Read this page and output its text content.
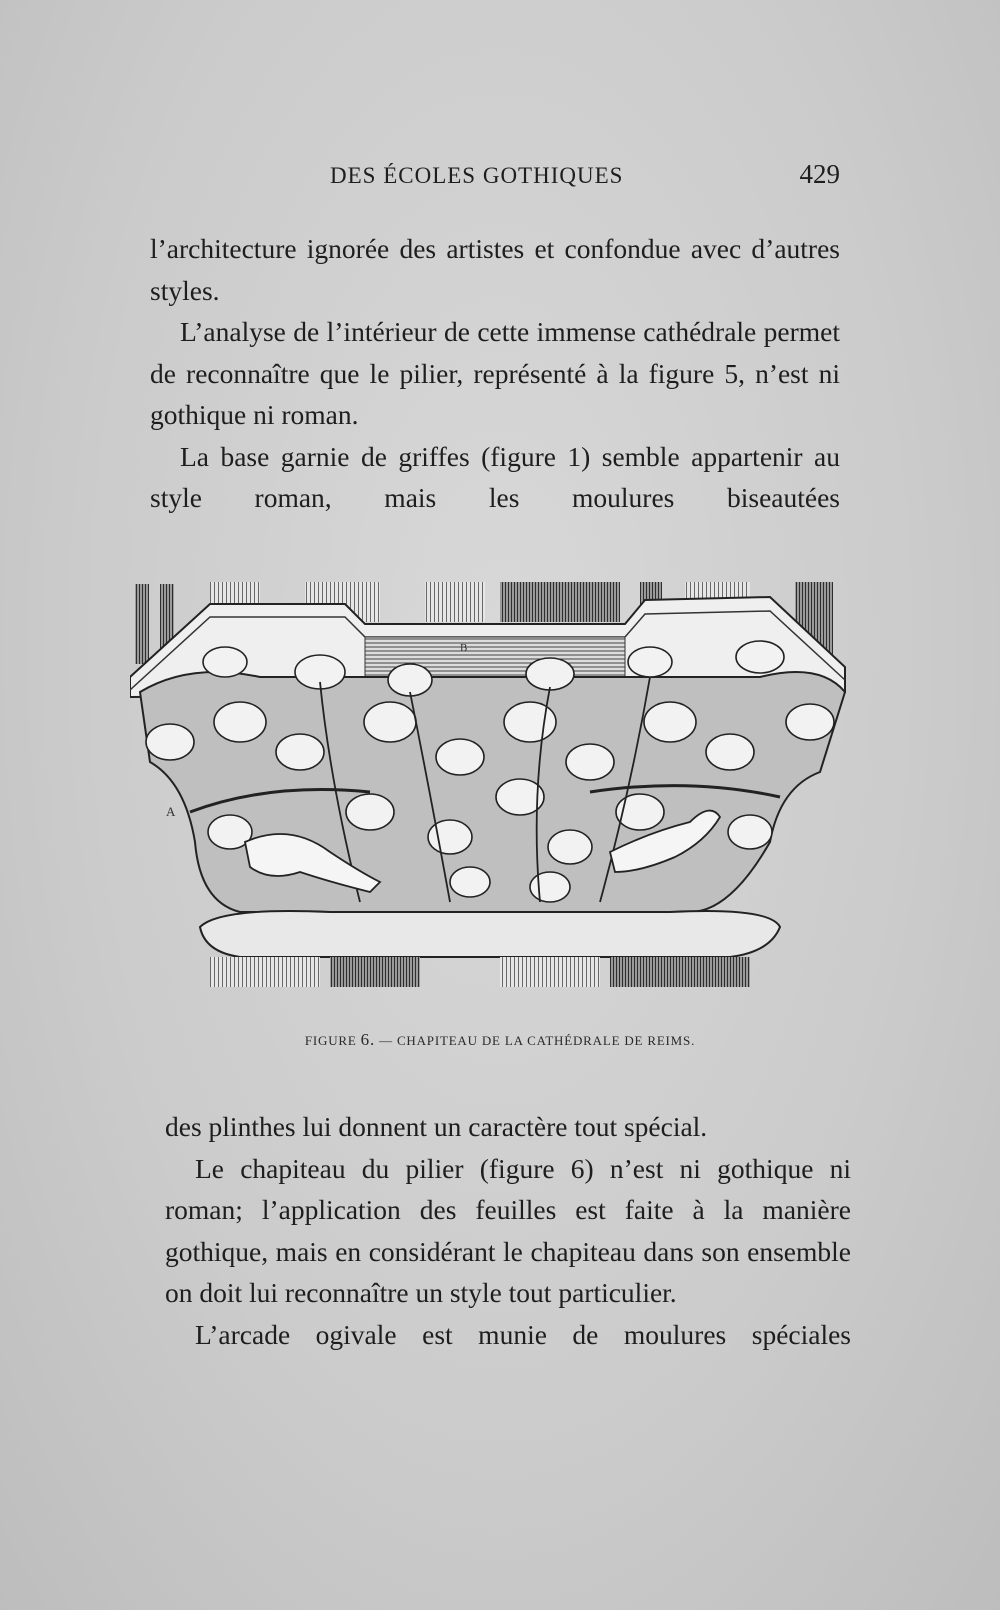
DES ÉCOLES GOTHIQUES	429

l’architecture ignorée des artistes et confondue avec d’autres styles.

L’analyse de l’intérieur de cette immense cathédrale permet de reconnaître que le pilier, représenté à la figure 5, n’est ni gothique ni roman.

La base garnie de griffes (figure 1) semble appartenir au style roman, mais les moulures biseautées

A
B
FIGURE 6. — CHAPITEAU DE LA CATHÉDRALE DE REIMS.

des plinthes lui donnent un caractère tout spécial.

Le chapiteau du pilier (figure 6) n’est ni gothique ni roman; l’application des feuilles est faite à la manière gothique, mais en considérant le chapiteau dans son ensemble on doit lui reconnaître un style tout particulier.

L’arcade ogivale est munie de moulures spéciales
